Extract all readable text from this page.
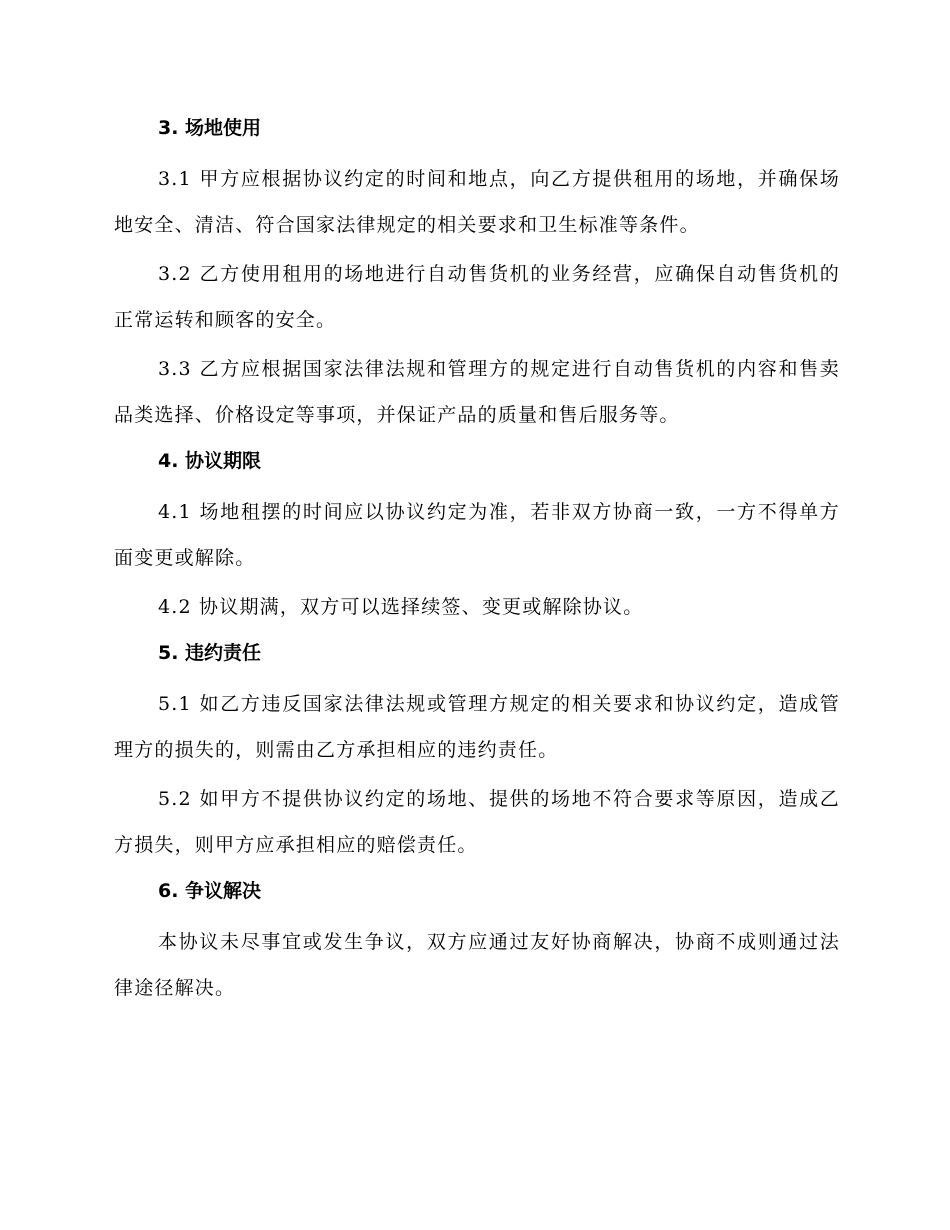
3. 场地使用

3.1 甲方应根据协议约定的时间和地点，向乙方提供租用的场地，并确保场地安全、清洁、符合国家法律规定的相关要求和卫生标准等条件。

3.2 乙方使用租用的场地进行自动售货机的业务经营，应确保自动售货机的正常运转和顾客的安全。

3.3 乙方应根据国家法律法规和管理方的规定进行自动售货机的内容和售卖品类选择、价格设定等事项，并保证产品的质量和售后服务等。

4. 协议期限

4.1 场地租摆的时间应以协议约定为准，若非双方协商一致，一方不得单方面变更或解除。

4.2 协议期满，双方可以选择续签、变更或解除协议。

5. 违约责任

5.1 如乙方违反国家法律法规或管理方规定的相关要求和协议约定，造成管理方的损失的，则需由乙方承担相应的违约责任。

5.2 如甲方不提供协议约定的场地、提供的场地不符合要求等原因，造成乙方损失，则甲方应承担相应的赔偿责任。

6. 争议解决

本协议未尽事宜或发生争议，双方应通过友好协商解决，协商不成则通过法律途径解决。
